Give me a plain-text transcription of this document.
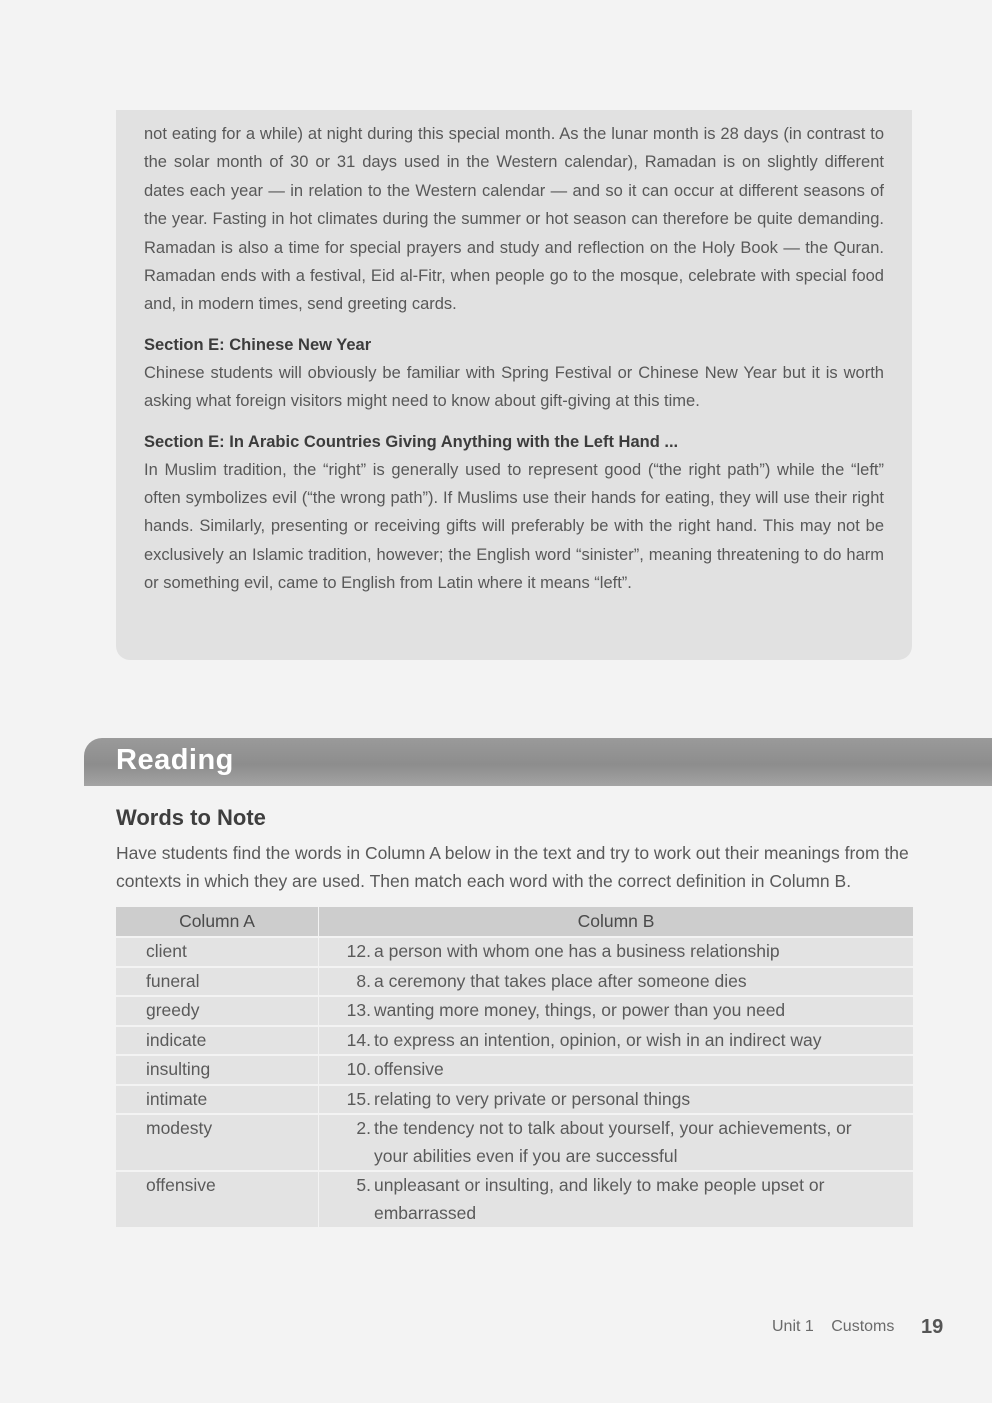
not eating for a while) at night during this special month. As the lunar month is 28 days (in contrast to the solar month of 30 or 31 days used in the Western calendar), Ramadan is on slightly different dates each year — in relation to the Western calendar — and so it can occur at different seasons of the year. Fasting in hot climates during the summer or hot season can therefore be quite demanding. Ramadan is also a time for special prayers and study and reflection on the Holy Book — the Quran. Ramadan ends with a festival, Eid al-Fitr, when people go to the mosque, celebrate with special food and, in modern times, send greeting cards.

Section E: Chinese New Year

Chinese students will obviously be familiar with Spring Festival or Chinese New Year but it is worth asking what foreign visitors might need to know about gift-giving at this time.

Section E: In Arabic Countries Giving Anything with the Left Hand ...

In Muslim tradition, the “right” is generally used to represent good (“the right path”) while the “left” often symbolizes evil (“the wrong path”). If Muslims use their hands for eating, they will use their right hands. Similarly, presenting or receiving gifts will preferably be with the right hand. This may not be exclusively an Islamic tradition, however; the English word “sinister”, meaning threatening to do harm or something evil, came to English from Latin where it means “left”.

Reading
Words to Note

Have students find the words in Column A below in the text and try to work out their meanings from the contexts in which they are used. Then match each word with the correct definition in Column B.

Column A	Column B
client	12. a person with whom one has a business relationship

funeral	8. a ceremony that takes place after someone dies

greedy	13. wanting more money, things, or power than you need

indicate	14. to express an intention, opinion, or wish in an indirect way

insulting	10. offensive

intimate	15. relating to very private or personal things

modesty	2. the tendency not to talk about yourself, your achievements, or your abilities even if you are successful

offensive	5. unpleasant or insulting, and likely to make people upset or embarrassed
Unit 1 Customs 19
